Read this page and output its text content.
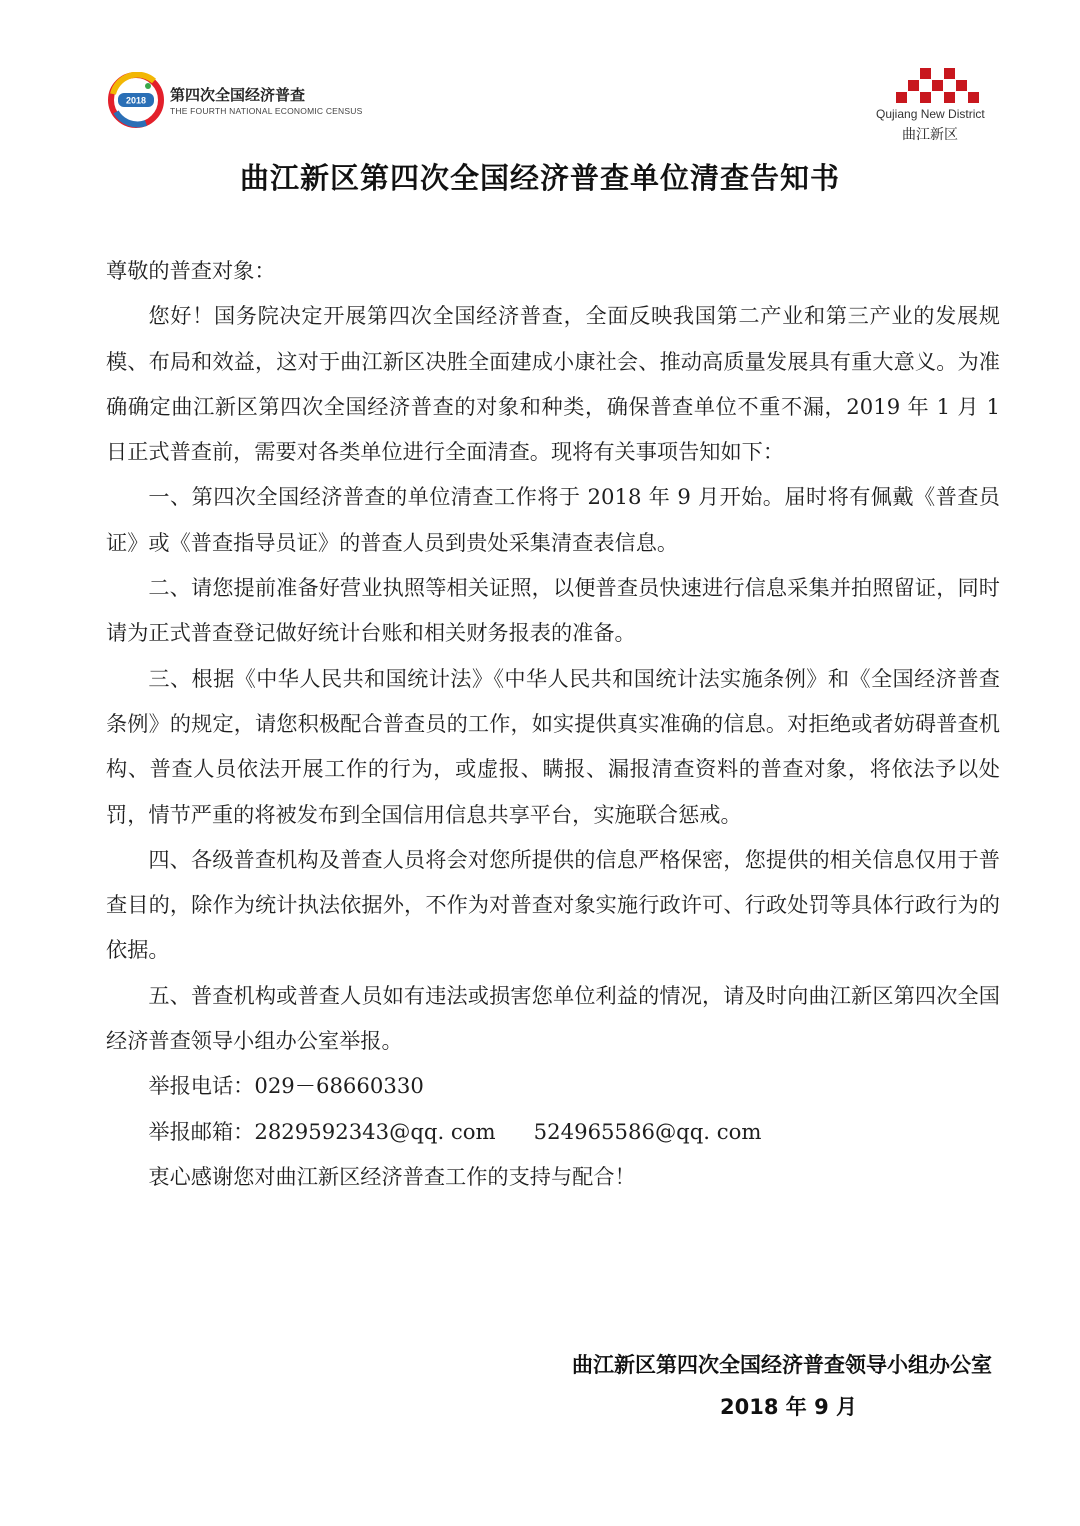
2018 第四次全国经济普查
THE FOURTH NATIONAL ECONOMIC CENSUS	Qujiang New District
曲江新区
曲江新区第四次全国经济普查单位清查告知书

尊敬的普查对象：

您好！国务院决定开展第四次全国经济普查，全面反映我国第二产业和第三产业的发展规模、布局和效益，这对于曲江新区决胜全面建成小康社会、推动高质量发展具有重大意义。为准确确定曲江新区第四次全国经济普查的对象和种类，确保普查单位不重不漏，2019 年 1 月 1 日正式普查前，需要对各类单位进行全面清查。现将有关事项告知如下：

一、第四次全国经济普查的单位清查工作将于 2018 年 9 月开始。届时将有佩戴《普查员证》或《普查指导员证》的普查人员到贵处采集清查表信息。

二、请您提前准备好营业执照等相关证照，以便普查员快速进行信息采集并拍照留证，同时请为正式普查登记做好统计台账和相关财务报表的准备。

三、根据《中华人民共和国统计法》《中华人民共和国统计法实施条例》和《全国经济普查条例》的规定，请您积极配合普查员的工作，如实提供真实准确的信息。对拒绝或者妨碍普查机构、普查人员依法开展工作的行为，或虚报、瞒报、漏报清查资料的普查对象，将依法予以处罚，情节严重的将被发布到全国信用信息共享平台，实施联合惩戒。

四、各级普查机构及普查人员将会对您所提供的信息严格保密，您提供的相关信息仅用于普查目的，除作为统计执法依据外，不作为对普查对象实施行政许可、行政处罚等具体行政行为的依据。

五、普查机构或普查人员如有违法或损害您单位利益的情况，请及时向曲江新区第四次全国经济普查领导小组办公室举报。

举报电话：029－68660330

举报邮箱：2829592343@qq. com 524965586@qq. com

衷心感谢您对曲江新区经济普查工作的支持与配合！

曲江新区第四次全国经济普查领导小组办公室
2018 年 9 月
